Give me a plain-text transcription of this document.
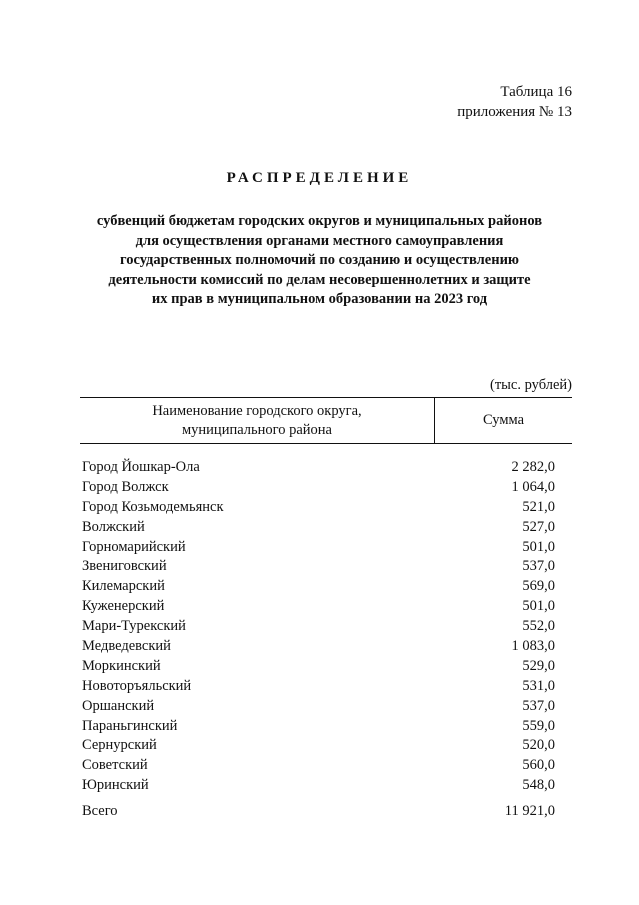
Таблица 16
приложения № 13
РАСПРЕДЕЛЕНИЕ
субвенций бюджетам городских округов и муниципальных районов
для осуществления органами местного самоуправления
государственных полномочий по созданию и осуществлению
деятельности комиссий по делам несовершеннолетних и защите
их прав в муниципальном образовании на 2023 год
(тыс. рублей)
Наименование городского округа,
муниципального района
Сумма
Город Йошкар-Ола	2 282,0
Город Волжск	1 064,0
Город Козьмодемьянск	521,0
Волжский	527,0
Горномарийский	501,0
Звениговский	537,0
Килемарский	569,0
Куженерский	501,0
Мари-Турекский	552,0
Медведевский	1 083,0
Моркинский	529,0
Новоторъяльский	531,0
Оршанский	537,0
Параньгинский	559,0
Сернурский	520,0
Советский	560,0
Юринский	548,0
Всего	11 921,0
